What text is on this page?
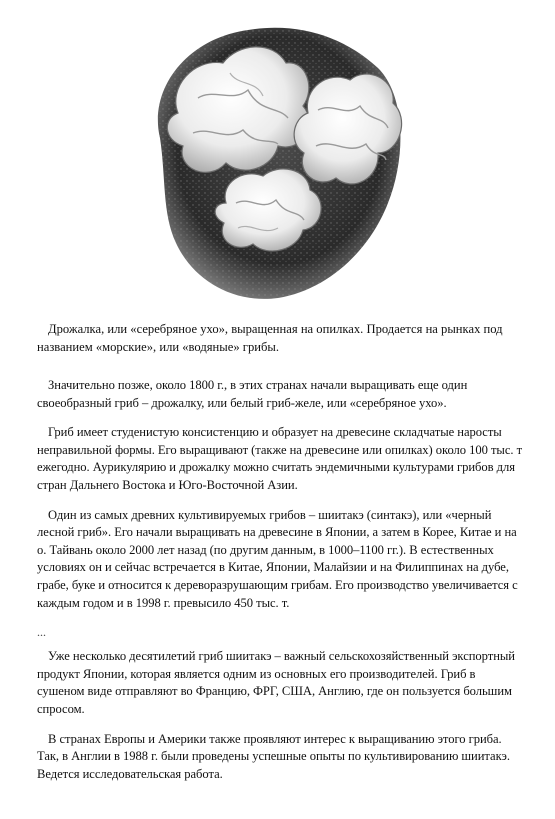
Дрожалка, или «серебряное ухо», выращенная на опилках. Продается на рынках под названием «морские», или «водяные» грибы.

Значительно позже, около 1800 г., в этих странах начали выращивать еще один своеобразный гриб – дрожалку, или белый гриб-желе, или «серебряное ухо».

Гриб имеет студенистую консистенцию и образует на древесине складчатые наросты неправильной формы. Его выращивают (также на древесине или опилках) около 100 тыс. т ежегодно. Аурикулярию и дрожалку можно считать эндемичными культурами грибов для стран Дальнего Востока и Юго-Восточной Азии.

Один из самых древних культивируемых грибов – шиитакэ (синтакэ), или «черный лесной гриб». Его начали выращивать на древесине в Японии, а затем в Корее, Китае и на о. Тайвань около 2000 лет назад (по другим данным, в 1000–1100 гг.). В естественных условиях он и сейчас встречается в Китае, Японии, Малайзии и на Филиппинах на дубе, грабе, буке и относится к дереворазрушающим грибам. Его производство увеличивается с каждым годом и в 1998 г. превысило 450 тыс. т.

...

Уже несколько десятилетий гриб шиитакэ – важный сельскохозяйственный экспортный продукт Японии, которая является одним из основных его производителей. Гриб в сушеном виде отправляют во Францию, ФРГ, США, Англию, где он пользуется большим спросом.

В странах Европы и Америки также проявляют интерес к выращиванию этого гриба. Так, в Англии в 1988 г. были проведены успешные опыты по культивированию шиитакэ. Ведется исследовательская работа.
